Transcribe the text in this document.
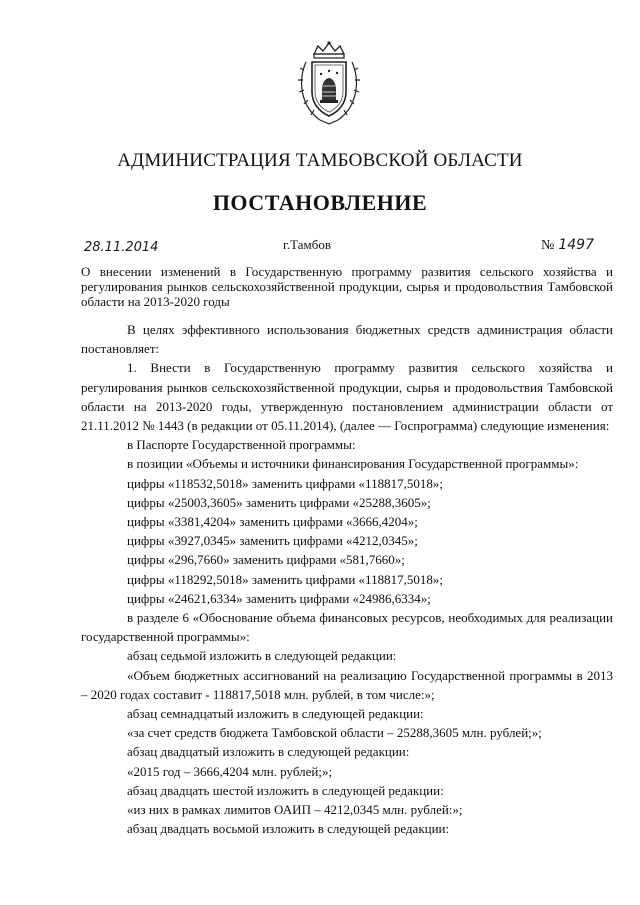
АДМИНИСТРАЦИЯ ТАМБОВСКОЙ ОБЛАСТИ
ПОСТАНОВЛЕНИЕ
28.11.2014	г.Тамбов	№ 1497
О внесении изменений в Государственную программу развития сельского хозяйства и регулирования рынков сельскохозяйственной продукции, сырья и продовольствия Тамбовской области на 2013-2020 годы

В целях эффективного использования бюджетных средств администрация области постановляет:

1. Внести в Государственную программу развития сельского хозяйства и регулирования рынков сельскохозяйственной продукции, сырья и продовольствия Тамбовской области на 2013-2020 годы, утвержденную постановлением администрации области от 21.11.2012 № 1443 (в редакции от 05.11.2014), (далее — Госпрограмма) следующие изменения:

в Паспорте Государственной программы:

в позиции «Объемы и источники финансирования Государственной программы»:

цифры «118532,5018» заменить цифрами «118817,5018»;

цифры «25003,3605» заменить цифрами «25288,3605»;

цифры «3381,4204» заменить цифрами «3666,4204»;

цифры «3927,0345» заменить цифрами «4212,0345»;

цифры «296,7660» заменить цифрами «581,7660»;

цифры «118292,5018» заменить цифрами «118817,5018»;

цифры «24621,6334» заменить цифрами «24986,6334»;

в разделе 6 «Обоснование объема финансовых ресурсов, необходимых для реализации государственной программы»:

абзац седьмой изложить в следующей редакции:

«Объем бюджетных ассигнований на реализацию Государственной программы в 2013 – 2020 годах составит - 118817,5018 млн. рублей, в том числе:»;

абзац семнадцатый изложить в следующей редакции:

«за счет средств бюджета Тамбовской области – 25288,3605 млн. рублей;»;

абзац двадцатый изложить в следующей редакции:

«2015 год – 3666,4204 млн. рублей;»;

абзац двадцать шестой изложить в следующей редакции:

«из них в рамках лимитов ОАИП – 4212,0345 млн. рублей:»;

абзац двадцать восьмой изложить в следующей редакции:
